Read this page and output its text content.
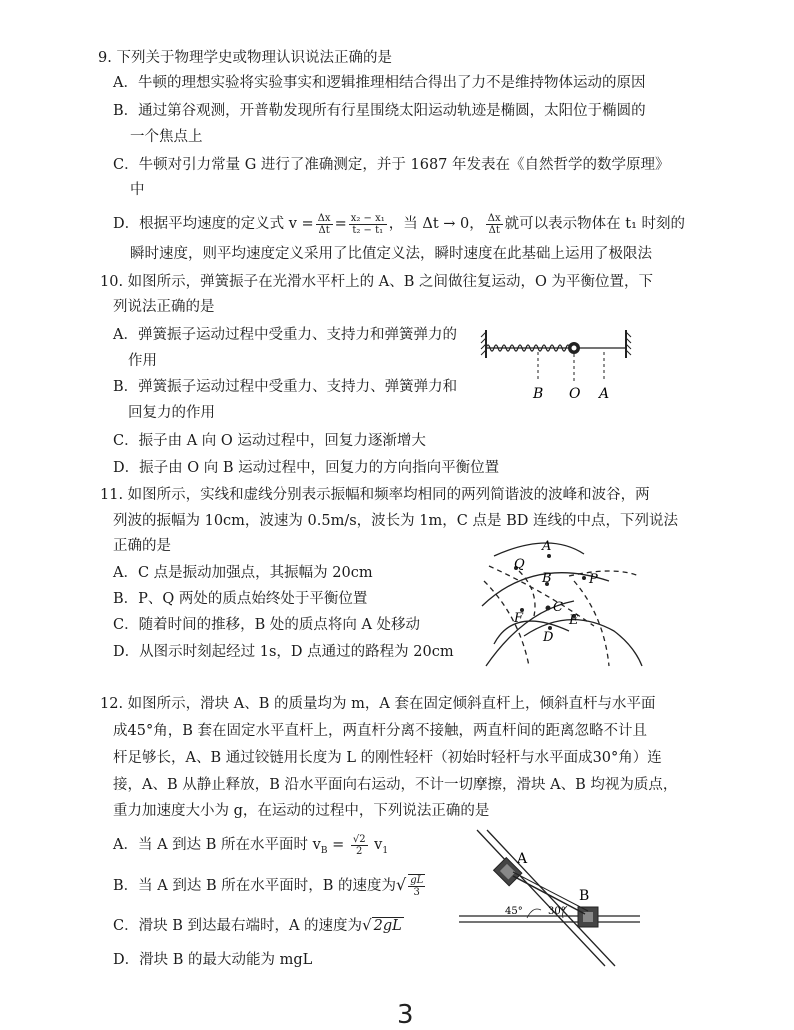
9. 下列关于物理学史或物理认识说法正确的是
A．牛顿的理想实验将实验事实和逻辑推理相结合得出了力不是维持物体运动的原因
B．通过第谷观测，开普勒发现所有行星围绕太阳运动轨迹是椭圆，太阳位于椭圆的
一个焦点上
C．牛顿对引力常量 G 进行了准确测定，并于 1687 年发表在《自然哲学的数学原理》
中
D．根据平均速度的定义式 $v = \frac{\Delta x}{\Delta t} = \frac{\text{x₂ − x₁}}{\text{t₂ − t₁}}$ ，当 Δt → 0， $\frac{\Delta x}{\Delta t}$ 就可以表示物体在 t₁ 时刻的
瞬时速度，则平均速度定义采用了比值定义法，瞬时速度在此基础上运用了极限法
10. 如图所示，弹簧振子在光滑水平杆上的 A、B 之间做往复运动，O 为平衡位置，下
列说法正确的是
A．弹簧振子运动过程中受重力、支持力和弹簧弹力的
作用
B．弹簧振子运动过程中受重力、支持力、弹簧弹力和
回复力的作用
C．振子由 A 向 O 运动过程中，回复力逐渐增大
D．振子由 O 向 B 运动过程中，回复力的方向指向平衡位置
B O A
11. 如图所示，实线和虚线分别表示振幅和频率均相同的两列简谐波的波峰和波谷，两
列波的振幅为 10cm，波速为 0.5m/s，波长为 1m，C 点是 BD 连线的中点，下列说法
正确的是
A．C 点是振动加强点，其振幅为 20cm
B．P、Q 两处的质点始终处于平衡位置
C．随着时间的推移，B 处的质点将向 A 处移动
D．从图示时刻起经过 1s，D 点通过的路程为 20cm
A
Q
B	P
C
F	E
D
12. 如图所示，滑块 A、B 的质量均为 m，A 套在固定倾斜直杆上，倾斜直杆与水平面
成45°角，B 套在固定水平直杆上，两直杆分离不接触，两直杆间的距离忽略不计且
杆足够长，A、B 通过铰链用长度为 L 的刚性轻杆（初始时轻杆与水平面成30°角）连
接，A、B 从静止释放，B 沿水平面向右运动，不计一切摩擦，滑块 A、B 均视为质点，
重力加速度大小为 g，在运动的过程中，下列说法正确的是
A．当 A 到达 B 所在水平面时 $v_B = \frac{√2}{2} v_1$
B．当 A 到达 B 所在水平面时，B 的速度为√ $\frac{gL}{3}$
C．滑块 B 到达最右端时，A 的速度为√ 2gL
D．滑块 B 的最大动能为 mgL
A
B
45°	30°
3
